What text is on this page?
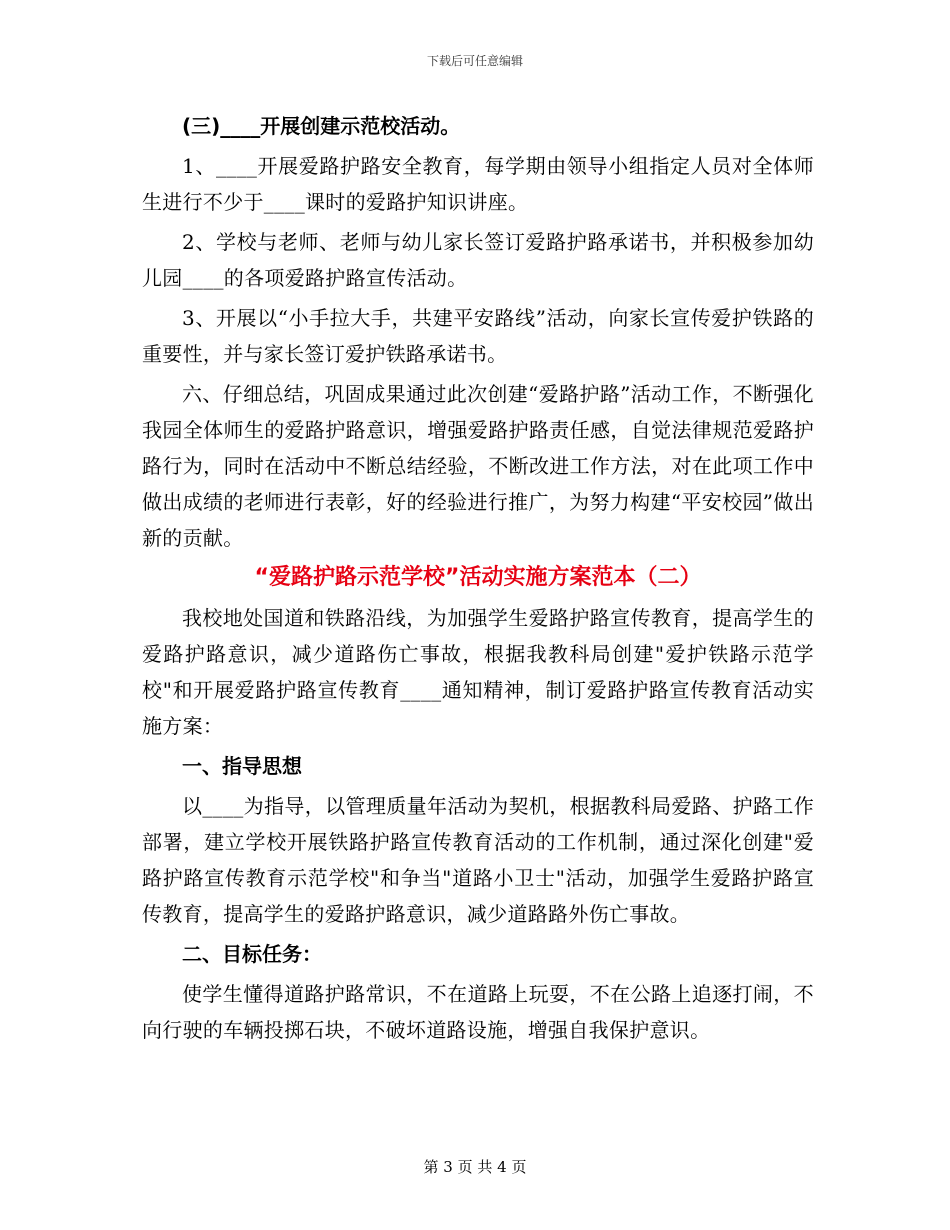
下载后可任意编辑
(三)____开展创建示范校活动。
1、____开展爱路护路安全教育，每学期由领导小组指定人员对全体师生进行不少于____课时的爱路护知识讲座。
2、学校与老师、老师与幼儿家长签订爱路护路承诺书，并积极参加幼儿园____的各项爱路护路宣传活动。
3、开展以“小手拉大手，共建平安路线”活动，向家长宣传爱护铁路的重要性，并与家长签订爱护铁路承诺书。
六、仔细总结，巩固成果通过此次创建“爱路护路”活动工作，不断强化我园全体师生的爱路护路意识，增强爱路护路责任感，自觉法律规范爱路护路行为，同时在活动中不断总结经验，不断改进工作方法，对在此项工作中做出成绩的老师进行表彰，好的经验进行推广，为努力构建“平安校园”做出新的贡献。
“爱路护路示范学校”活动实施方案范本（二）
我校地处国道和铁路沿线，为加强学生爱路护路宣传教育，提高学生的爱路护路意识，减少道路伤亡事故，根据我教科局创建"爱护铁路示范学校"和开展爱路护路宣传教育____通知精神，制订爱路护路宣传教育活动实施方案：
一、指导思想
以____为指导，以管理质量年活动为契机，根据教科局爱路、护路工作部署，建立学校开展铁路护路宣传教育活动的工作机制，通过深化创建"爱路护路宣传教育示范学校"和争当"道路小卫士"活动，加强学生爱路护路宣传教育，提高学生的爱路护路意识，减少道路路外伤亡事故。
二、目标任务：
使学生懂得道路护路常识，不在道路上玩耍，不在公路上追逐打闹，不向行驶的车辆投掷石块，不破坏道路设施，增强自我保护意识。
第 3 页 共 4 页
